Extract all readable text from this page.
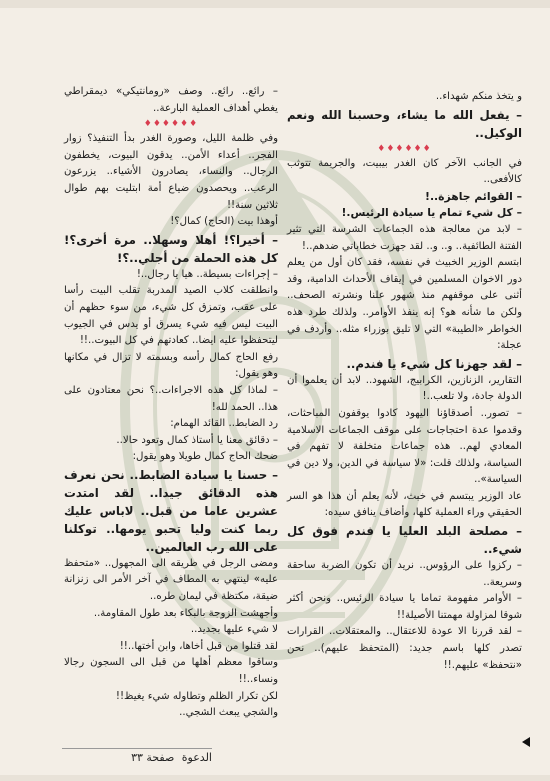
و يتخذ منكم شهداء..

– يفعل الله ما يشاء، وحسبنا الله ونعم الوكيل..

♦♦♦♦♦♦

في الجانب الآخر كان الغدر بيبيت، والجريمة تتوثب كالأفعى..

– القوائم جاهزة..!

– كل شيء تمام يا سيادة الرئيس.!

– لابد من معالجة هذه الجماعات الشرسة التي تثير الفتنة الطائفية.. و.. و.. لقد جهزت خطاباتي ضدهم..!

ابتسم الوزير الخبيث في نفسه، فقد كان أول من يعلم دور الاخوان المسلمين في إيقاف الأحداث الدامية، وقد أثنى على موقفهم منذ شهور علنا ونشرته الصحف.. ولكن ما شأنه هو؟ إنه ينفذ الأوامر.. ولذلك طرد هذه الخواطر «الطيبة» التي لا تليق بوزراء مثله.. وأردف في عجلة:

– لقد جهزنا كل شيء يا فندم..

التقارير، الزنازين، الكرابيج، الشهود.. لابد أن يعلموا أن الدولة جادة، ولا تلعب..!

– تصور.. أصدقاؤنا اليهود كادوا يوقفون المباحثات، وقدموا عدة احتجاجات على موقف الجماعات الاسلامية المعادي لهم.. هذه جماعات متخلفة لا تفهم في السياسة، ولذلك قلت: «لا سياسة في الدين، ولا دين في السياسة»..

عاد الوزير يبتسم في خبث، لأنه يعلم أن هذا هو السر الحقيقي وراء العملية كلها، وأضاف ينافق سيده:

– مصلحة البلد العليا يا فندم فوق كل شيء..

– ركزوا على الرؤوس.. نريد أن تكون الضربة ساحقة وسريعة..

– الأوامر مفهومة تماما يا سيادة الرئيس.. ونحن أكثر شوقا لمزاولة مهمتنا الأصيلة!!

– لقد قررنا الا عودة للاعتقال.. والمعتقلات.. القرارات تصدر كلها باسم جديد: (المتحفظ عليهم).. نحن «نتحفظ» عليهم.!!

– رائع.. رائع.. وصف «رومانتيكي» ديمقراطي يغطي أهداف العملية البارعة..

♦♦♦♦♦♦

وفي ظلمة الليل، وصورة الغدر بدأ التنفيذ؟ زوار الفجر.. أعداء الأمن.. يدقون البيوت، يخطفون الرجال.. والنساء، يصادرون الأشياء.. يزرعون الرعب.. ويحصدون ضياع أمة ابتليت بهم طوال ثلاثين سنة!!

أوهذا بيت (الحاج) كمال؟!

– أخيرا؟! أهلا وسهلا.. مرة أخرى؟! كل هذه الحملة من أجلي..؟!

– إجراءات بسيطة.. هيا يا رجال..!

وانطلقت كلاب الصيد المدربة تقلب البيت رأسا على عقب، وتمزق كل شيء، من سوء حظهم أن البيت ليس فيه شيء يسرق أو يدس في الجيوب ليتحفظوا عليه ايضا.. كعادتهم في كل البيوت..!!

رفع الحاج كمال رأسه وبسمته لا تزال في مكانها وهو يقول:

– لماذا كل هذه الاجراءات..؟ نحن معتادون على هذا.. الحمد لله!

رد الضابط.. القائد الهمام:

– دقائق معنا يا أستاذ كمال وتعود حالا..

ضحك الحاج كمال طويلا وهو يقول:

– حسنا يا سيادة الضابط.. نحن نعرف هذه الدقائق جيدا.. لقد امتدت عشرين عاما من قبل.. لاباس عليك ربما كنت وليا تحبو يومها.. توكلنا على الله رب العالمين..

ومضى الرجل في طريقه الى المجهول.. «متحفظ عليه» لينتهي به المطاف في آخر الأمر الى زنزانة ضيقة، مكتظة في ليمان طره..

وأجهشت الزوجة بالبكاء بعد طول المقاومة..

لا شيء عليها بجديد..

لقد قتلوا من قبل أخاها، وابن أختها..!!

وساقوا معظم أهلها من قبل الى السجون رجالا ونساء..!!

لكن تكرار الظلم وتطاوله شيء يغيظ!!

والشجي يبعث الشجي..

الدعوة صفحة ٣٣
